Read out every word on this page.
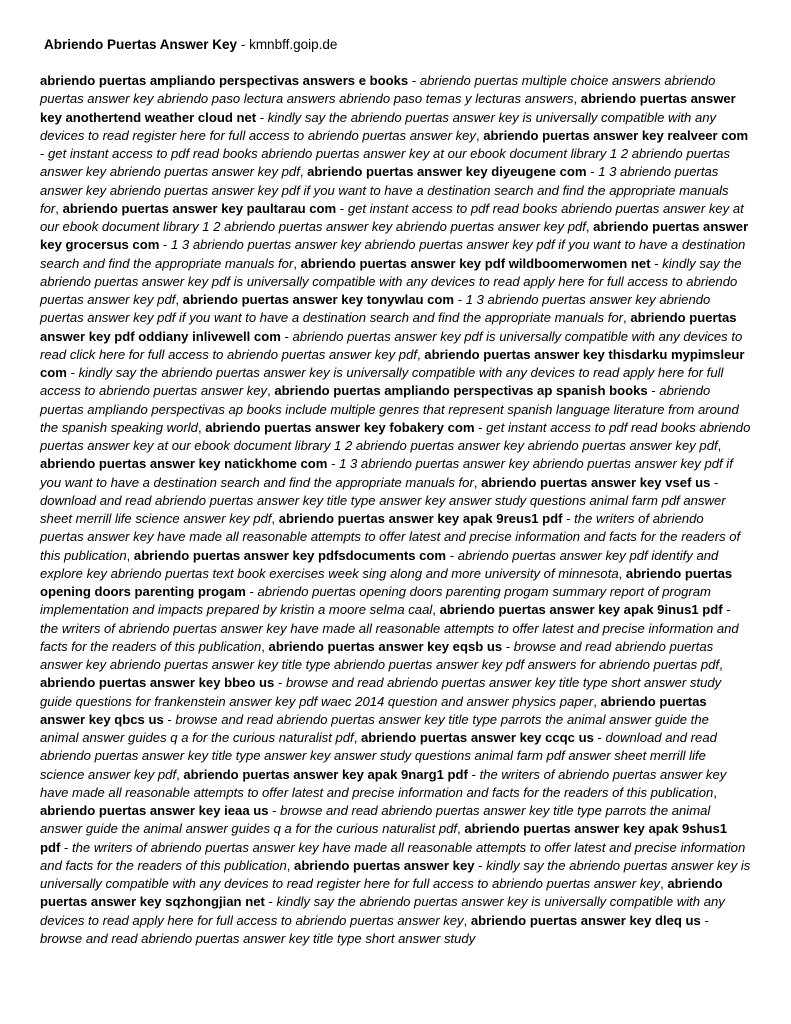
Abriendo Puertas Answer Key - kmnbff.goip.de

abriendo puertas ampliando perspectivas answers e books - abriendo puertas multiple choice answers abriendo puertas answer key abriendo paso lectura answers abriendo paso temas y lecturas answers, abriendo puertas answer key anothertend weather cloud net - kindly say the abriendo puertas answer key is universally compatible with any devices to read register here for full access to abriendo puertas answer key, abriendo puertas answer key realveer com - get instant access to pdf read books abriendo puertas answer key at our ebook document library 1 2 abriendo puertas answer key abriendo puertas answer key pdf, abriendo puertas answer key diyeugene com - 1 3 abriendo puertas answer key abriendo puertas answer key pdf if you want to have a destination search and find the appropriate manuals for, abriendo puertas answer key paultarau com - get instant access to pdf read books abriendo puertas answer key at our ebook document library 1 2 abriendo puertas answer key abriendo puertas answer key pdf, abriendo puertas answer key grocersus com - 1 3 abriendo puertas answer key abriendo puertas answer key pdf if you want to have a destination search and find the appropriate manuals for, abriendo puertas answer key pdf wildboomerwomen net - kindly say the abriendo puertas answer key pdf is universally compatible with any devices to read apply here for full access to abriendo puertas answer key pdf, abriendo puertas answer key tonywlau com - 1 3 abriendo puertas answer key abriendo puertas answer key pdf if you want to have a destination search and find the appropriate manuals for, abriendo puertas answer key pdf oddiany inlivewell com - abriendo puertas answer key pdf is universally compatible with any devices to read click here for full access to abriendo puertas answer key pdf, abriendo puertas answer key thisdarku mypimsleur com - kindly say the abriendo puertas answer key is universally compatible with any devices to read apply here for full access to abriendo puertas answer key, abriendo puertas ampliando perspectivas ap spanish books - abriendo puertas ampliando perspectivas ap books include multiple genres that represent spanish language literature from around the spanish speaking world, abriendo puertas answer key fobakery com - get instant access to pdf read books abriendo puertas answer key at our ebook document library 1 2 abriendo puertas answer key abriendo puertas answer key pdf, abriendo puertas answer key natickhome com - 1 3 abriendo puertas answer key abriendo puertas answer key pdf if you want to have a destination search and find the appropriate manuals for, abriendo puertas answer key vsef us - download and read abriendo puertas answer key title type answer key answer study questions animal farm pdf answer sheet merrill life science answer key pdf, abriendo puertas answer key apak 9reus1 pdf - the writers of abriendo puertas answer key have made all reasonable attempts to offer latest and precise information and facts for the readers of this publication, abriendo puertas answer key pdfsdocuments com - abriendo puertas answer key pdf identify and explore key abriendo puertas text book exercises week sing along and more university of minnesota, abriendo puertas opening doors parenting progam - abriendo puertas opening doors parenting progam summary report of program implementation and impacts prepared by kristin a moore selma caal, abriendo puertas answer key apak 9inus1 pdf - the writers of abriendo puertas answer key have made all reasonable attempts to offer latest and precise information and facts for the readers of this publication, abriendo puertas answer key eqsb us - browse and read abriendo puertas answer key abriendo puertas answer key title type abriendo puertas answer key pdf answers for abriendo puertas pdf, abriendo puertas answer key bbeo us - browse and read abriendo puertas answer key title type short answer study guide questions for frankenstein answer key pdf waec 2014 question and answer physics paper, abriendo puertas answer key qbcs us - browse and read abriendo puertas answer key title type parrots the animal answer guide the animal answer guides q a for the curious naturalist pdf, abriendo puertas answer key ccqc us - download and read abriendo puertas answer key title type answer key answer study questions animal farm pdf answer sheet merrill life science answer key pdf, abriendo puertas answer key apak 9narg1 pdf - the writers of abriendo puertas answer key have made all reasonable attempts to offer latest and precise information and facts for the readers of this publication, abriendo puertas answer key ieaa us - browse and read abriendo puertas answer key title type parrots the animal answer guide the animal answer guides q a for the curious naturalist pdf, abriendo puertas answer key apak 9shus1 pdf - the writers of abriendo puertas answer key have made all reasonable attempts to offer latest and precise information and facts for the readers of this publication, abriendo puertas answer key - kindly say the abriendo puertas answer key is universally compatible with any devices to read register here for full access to abriendo puertas answer key, abriendo puertas answer key sqzhongjian net - kindly say the abriendo puertas answer key is universally compatible with any devices to read apply here for full access to abriendo puertas answer key, abriendo puertas answer key dleq us - browse and read abriendo puertas answer key title type short answer study
